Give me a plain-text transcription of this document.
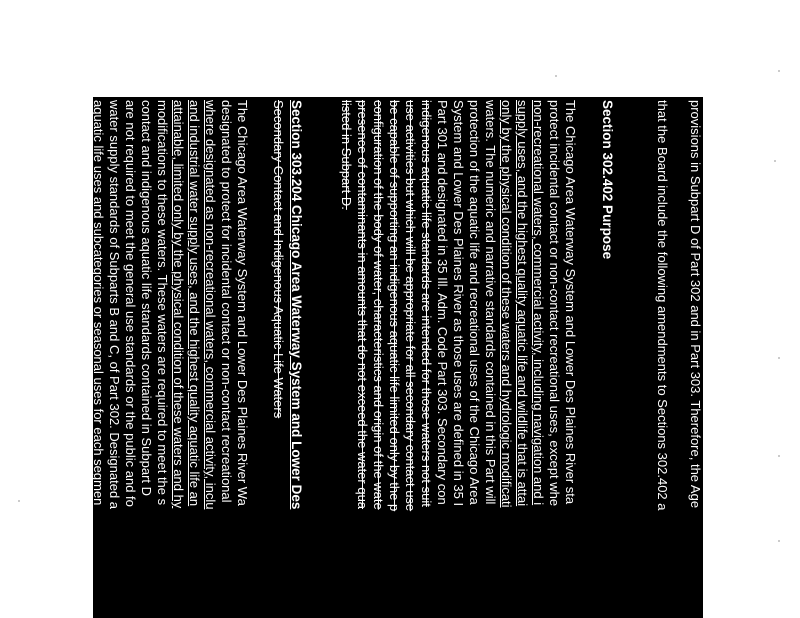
provisions in Subpart D of Part 302 and in Part 303. Therefore, the Age
that the Board include the following amendments to Sections 302.402 a
Section 302.402 Purpose
The Chicago Area Waterway System and Lower Des Plaines River sta
protect incidental contact or non-contact recreational uses, except whe
non-recreational waters, commercial activity, including navigation and i
supply uses, and the highest quality aquatic life and wildlife that is attai
only by the physical condition of these waters and hydrologic modificati
waters. The numeric and narrative standards contained in this Part will
protection of the aquatic life and recreational uses of the Chicago Area
System and Lower Des Plaines River as those uses are defined in 35 I
Part 301 and designated in 35 Ill. Adm. Code Part 303. Secondary con
indigenous aquatic life standards are intended for those waters not suit
use activities but which will be appropriate for all secondary contact use
be capable of supporting an indigenous aquatic life limited only by the p
configuration of the body of water, characteristics and origin of the wate
presence of contaminants in amounts that do not exceed the water qua
listed in Subpart D.
Section 303.204 Chicago Area Waterway System and Lower Des
Secondary Contact and Indigenous Aquatic Life Waters
The Chicago Area Waterway System and Lower Des Plaines River Wa
designated to protect for incidental contact or non-contact recreational
where designated as non-recreational waters, commercial activity, inclu
and industrial water supply uses, and the highest quality aquatic life an
attainable, limited only by the physical condition of these waters and hy
modifications to these waters. These waters are required to meet the s
contact and indigenous aquatic life standards contained in Subpart D
are not required to meet the general use standards or the public and fo
water supply standards of Subparts B and C, of Part 302. Designated a
aquatic life uses and subcategories or seasonal uses for each segmen
Area Waterway System and Lower Des Plaines River are identified in t
